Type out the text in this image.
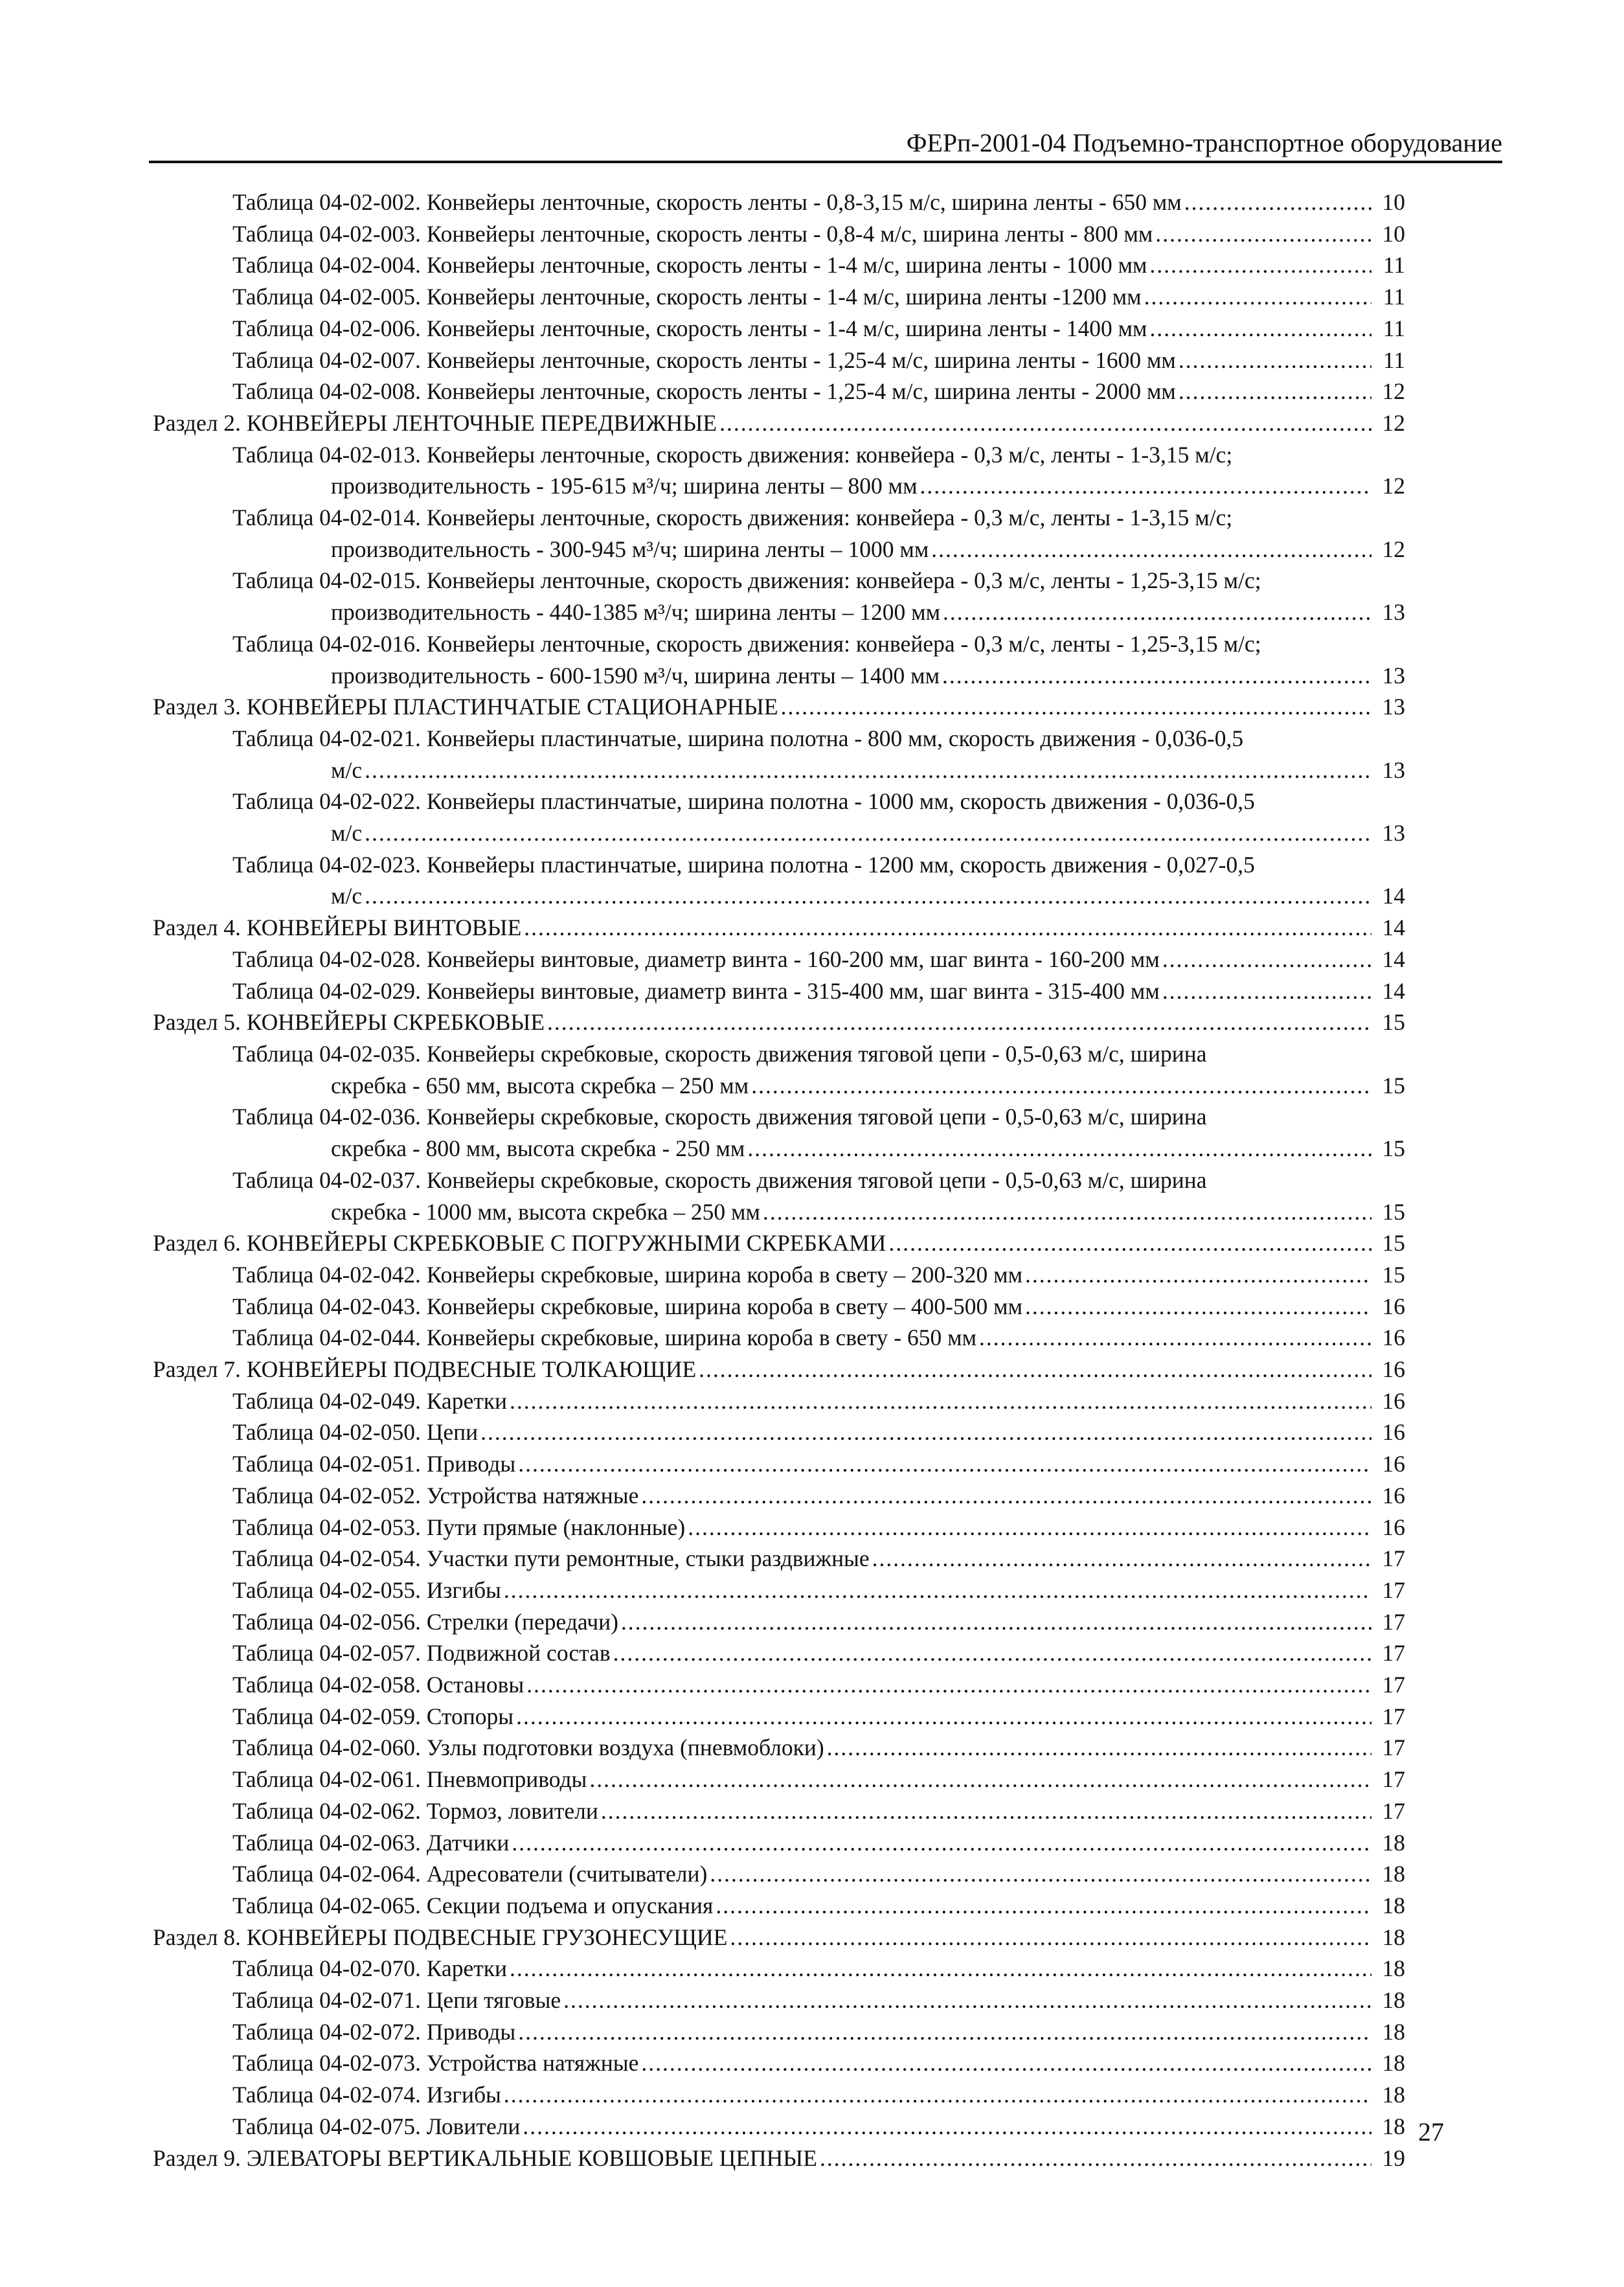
ФЕРп-2001-04 Подъемно-транспортное оборудование
Таблица 04-02-002. Конвейеры ленточные, скорость ленты - 0,8-3,15 м/с, ширина ленты - 650 мм .....	10
Таблица 04-02-003. Конвейеры ленточные, скорость ленты - 0,8-4 м/с, ширина ленты - 800 мм .....	10
Таблица 04-02-004. Конвейеры ленточные, скорость ленты - 1-4 м/с, ширина ленты - 1000 мм .....	11
Таблица 04-02-005. Конвейеры ленточные, скорость ленты - 1-4 м/с, ширина ленты -1200 мм .....	11
Таблица 04-02-006. Конвейеры ленточные, скорость ленты - 1-4 м/с, ширина ленты - 1400 мм .....	11
Таблица 04-02-007. Конвейеры ленточные, скорость ленты - 1,25-4 м/с, ширина ленты - 1600 мм .....	11
Таблица 04-02-008. Конвейеры ленточные, скорость ленты - 1,25-4 м/с, ширина ленты - 2000 мм .....	12
Раздел 2. КОНВЕЙЕРЫ ЛЕНТОЧНЫЕ ПЕРЕДВИЖНЫЕ .....	12
Таблица 04-02-013. Конвейеры ленточные, скорость движения: конвейера - 0,3 м/с, ленты - 1-3,15 м/с;
производительность - 195-615 м³/ч; ширина ленты – 800 мм .....	12
Таблица 04-02-014. Конвейеры ленточные, скорость движения: конвейера - 0,3 м/с, ленты - 1-3,15 м/с;
производительность - 300-945 м³/ч; ширина ленты – 1000 мм .....	12
Таблица 04-02-015. Конвейеры ленточные, скорость движения: конвейера - 0,3 м/с, ленты - 1,25-3,15 м/с;
производительность - 440-1385 м³/ч; ширина ленты – 1200 мм .....	13
Таблица 04-02-016. Конвейеры ленточные, скорость движения: конвейера - 0,3 м/с, ленты - 1,25-3,15 м/с;
производительность - 600-1590 м³/ч, ширина ленты – 1400 мм .....	13
Раздел 3. КОНВЕЙЕРЫ ПЛАСТИНЧАТЫЕ СТАЦИОНАРНЫЕ .....	13
Таблица 04-02-021. Конвейеры пластинчатые, ширина полотна - 800 мм, скорость движения - 0,036-0,5
м/с .....	13
Таблица 04-02-022. Конвейеры пластинчатые, ширина полотна - 1000 мм, скорость движения - 0,036-0,5
м/с .....	13
Таблица 04-02-023. Конвейеры пластинчатые, ширина полотна - 1200 мм, скорость движения - 0,027-0,5
м/с .....	14
Раздел 4. КОНВЕЙЕРЫ ВИНТОВЫЕ .....	14
Таблица 04-02-028. Конвейеры винтовые, диаметр винта - 160-200 мм, шаг винта - 160-200 мм .....	14
Таблица 04-02-029. Конвейеры винтовые, диаметр винта - 315-400 мм, шаг винта - 315-400 мм .....	14
Раздел 5. КОНВЕЙЕРЫ СКРЕБКОВЫЕ .....	15
Таблица 04-02-035. Конвейеры скребковые, скорость движения тяговой цепи - 0,5-0,63 м/с, ширина
скребка - 650 мм, высота скребка – 250 мм .....	15
Таблица 04-02-036. Конвейеры скребковые, скорость движения тяговой цепи - 0,5-0,63 м/с, ширина
скребка - 800 мм, высота скребка - 250 мм .....	15
Таблица 04-02-037. Конвейеры скребковые, скорость движения тяговой цепи - 0,5-0,63 м/с, ширина
скребка - 1000 мм, высота скребка – 250 мм .....	15
Раздел 6. КОНВЕЙЕРЫ СКРЕБКОВЫЕ С ПОГРУЖНЫМИ СКРЕБКАМИ .....	15
Таблица 04-02-042. Конвейеры скребковые, ширина короба в свету – 200-320 мм .....	15
Таблица 04-02-043. Конвейеры скребковые, ширина короба в свету – 400-500 мм .....	16
Таблица 04-02-044. Конвейеры скребковые, ширина короба в свету - 650 мм .....	16
Раздел 7. КОНВЕЙЕРЫ ПОДВЕСНЫЕ ТОЛКАЮЩИЕ .....	16
Таблица 04-02-049. Каретки .....	16
Таблица 04-02-050. Цепи .....	16
Таблица 04-02-051. Приводы .....	16
Таблица 04-02-052. Устройства натяжные .....	16
Таблица 04-02-053. Пути прямые (наклонные) .....	16
Таблица 04-02-054. Участки пути ремонтные, стыки раздвижные .....	17
Таблица 04-02-055. Изгибы .....	17
Таблица 04-02-056. Стрелки (передачи) .....	17
Таблица 04-02-057. Подвижной состав .....	17
Таблица 04-02-058. Остановы .....	17
Таблица 04-02-059. Стопоры .....	17
Таблица 04-02-060. Узлы подготовки воздуха (пневмоблоки) .....	17
Таблица 04-02-061. Пневмоприводы .....	17
Таблица 04-02-062. Тормоз, ловители .....	17
Таблица 04-02-063. Датчики .....	18
Таблица 04-02-064. Адресователи (считыватели) .....	18
Таблица 04-02-065. Секции подъема и опускания .....	18
Раздел 8. КОНВЕЙЕРЫ ПОДВЕСНЫЕ ГРУЗОНЕСУЩИЕ .....	18
Таблица 04-02-070. Каретки .....	18
Таблица 04-02-071. Цепи тяговые .....	18
Таблица 04-02-072. Приводы .....	18
Таблица 04-02-073. Устройства натяжные .....	18
Таблица 04-02-074. Изгибы .....	18
Таблица 04-02-075. Ловители .....	18
Раздел 9. ЭЛЕВАТОРЫ ВЕРТИКАЛЬНЫЕ КОВШОВЫЕ ЦЕПНЫЕ .....	19
27
